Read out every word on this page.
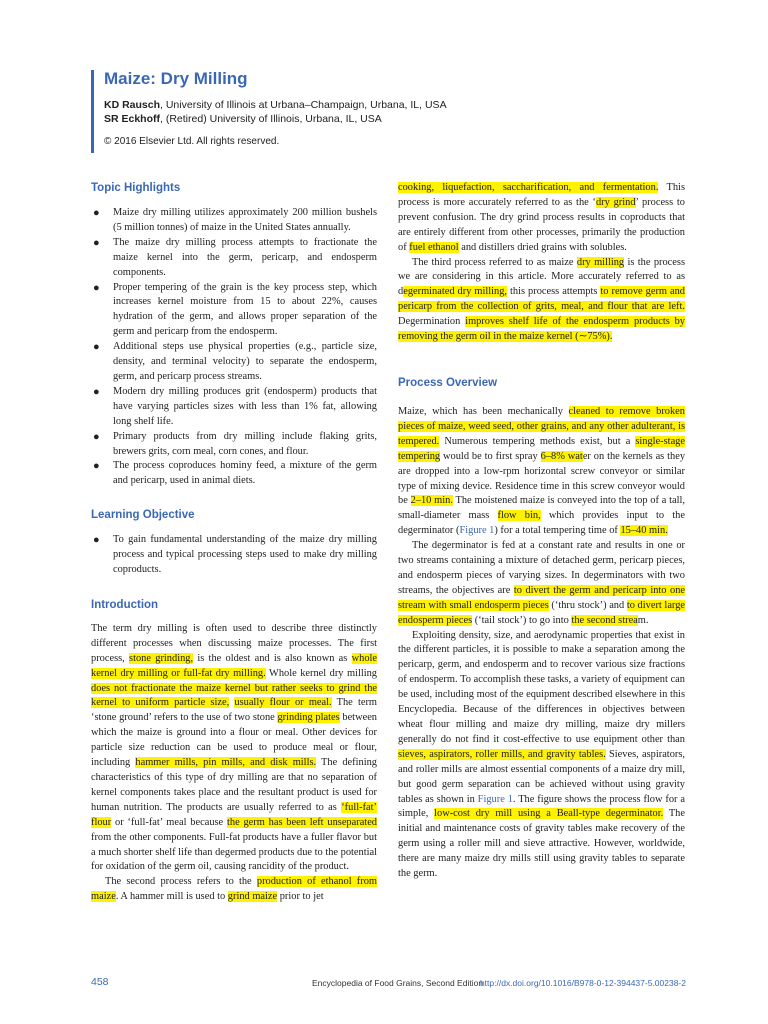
Maize: Dry Milling
KD Rausch, University of Illinois at Urbana–Champaign, Urbana, IL, USA
SR Eckhoff, (Retired) University of Illinois, Urbana, IL, USA
© 2016 Elsevier Ltd. All rights reserved.
Topic Highlights
● Maize dry milling utilizes approximately 200 million bushels (5 million tonnes) of maize in the United States annually.
● The maize dry milling process attempts to fractionate the maize kernel into the germ, pericarp, and endosperm components.
● Proper tempering of the grain is the key process step, which increases kernel moisture from 15 to about 22%, causes hydration of the germ, and allows proper separation of the germ and pericarp from the endosperm.
● Additional steps use physical properties (e.g., particle size, density, and terminal velocity) to separate the endosperm, germ, and pericarp process streams.
● Modern dry milling produces grit (endosperm) products that have varying particles sizes with less than 1% fat, allowing long shelf life.
● Primary products from dry milling include flaking grits, brewers grits, corn meal, corn cones, and flour.
● The process coproduces hominy feed, a mixture of the germ and pericarp, used in animal diets.
Learning Objective
● To gain fundamental understanding of the maize dry milling process and typical processing steps used to make dry milling coproducts.
Introduction

The term dry milling is often used to describe three distinctly different processes when discussing maize processes. The first process, stone grinding, is the oldest and is also known as whole kernel dry milling or full-fat dry milling. Whole kernel dry milling does not fractionate the maize kernel but rather seeks to grind the kernel to uniform particle size, usually flour or meal. The term ‘stone ground’ refers to the use of two stone grinding plates between which the maize is ground into a flour or meal. Other devices for particle size reduction can be used to produce meal or flour, including hammer mills, pin mills, and disk mills. The defining characteristics of this type of dry milling are that no separation of kernel components takes place and the resultant product is used for human nutrition. The products are usually referred to as ‘full-fat’ flour or ‘full-fat’ meal because the germ has been left unseparated from the other components. Full-fat products have a fuller flavor but a much shorter shelf life than degermed products due to the potential for oxidation of the germ oil, causing rancidity of the product.

The second process refers to the production of ethanol from maize. A hammer mill is used to grind maize prior to jet

cooking, liquefaction, saccharification, and fermentation. This process is more accurately referred to as the ‘dry grind’ process to prevent confusion. The dry grind process results in coproducts that are entirely different from other processes, primarily the production of fuel ethanol and distillers dried grains with solubles.

The third process referred to as maize dry milling is the process we are considering in this article. More accurately referred to as degerminated dry milling, this process attempts to remove germ and pericarp from the collection of grits, meal, and flour that are left. Degermination improves shelf life of the endosperm products by removing the germ oil in the maize kernel (∼75%).

Process Overview

Maize, which has been mechanically cleaned to remove broken pieces of maize, weed seed, other grains, and any other adulterant, is tempered. Numerous tempering methods exist, but a single-stage tempering would be to first spray 6–8% water on the kernels as they are dropped into a low-rpm horizontal screw conveyor or similar type of mixing device. Residence time in this screw conveyor would be 2–10 min. The moistened maize is conveyed into the top of a tall, small-diameter mass flow bin, which provides input to the degerminator (Figure 1) for a total tempering time of 15–40 min.

The degerminator is fed at a constant rate and results in one or two streams containing a mixture of detached germ, pericarp pieces, and endosperm pieces of varying sizes. In degerminators with two streams, the objectives are to divert the germ and pericarp into one stream with small endosperm pieces (‘thru stock’) and to divert large endosperm pieces (‘tail stock’) to go into the second stream.

Exploiting density, size, and aerodynamic properties that exist in the different particles, it is possible to make a separation among the pericarp, germ, and endosperm and to recover various size fractions of endosperm. To accomplish these tasks, a variety of equipment can be used, including most of the equipment described elsewhere in this Encyclopedia. Because of the differences in objectives between wheat flour milling and maize dry milling, maize dry millers generally do not find it cost-effective to use equipment other than sieves, aspirators, roller mills, and gravity tables. Sieves, aspirators, and roller mills are almost essential components of a maize dry mill, but good germ separation can be achieved without using gravity tables as shown in Figure 1. The figure shows the process flow for a simple, low-cost dry mill using a Beall-type degerminator. The initial and maintenance costs of gravity tables make recovery of the germ using a roller mill and sieve attractive. However, worldwide, there are many maize dry mills still using gravity tables to separate the germ.

458	Encyclopedia of Food Grains, Second Edition
http://dx.doi.org/10.1016/B978-0-12-394437-5.00238-2
